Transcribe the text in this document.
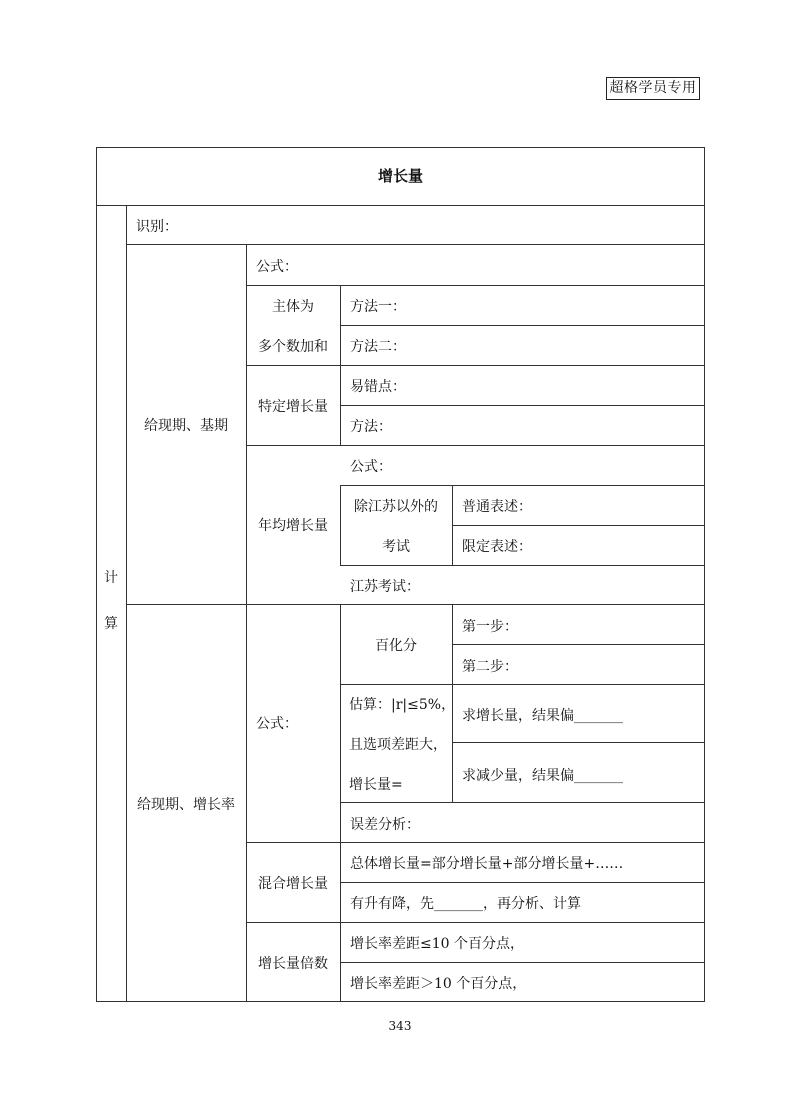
超格学员专用
增长量
计
算
识别：
给现期、基期
公式：
主体为
多个数加和
方法一：
方法二：
特定增长量
易错点：
方法：
年均增长量
公式：
除江苏以外的
考试
普通表述：
限定表述：
江苏考试：
给现期、增长率
公式：
百化分
第一步：
第二步：
估算：|r|≤5%，
且选项差距大，
增长量=
求增长量，结果偏_______
求减少量，结果偏_______
误差分析：
混合增长量
总体增长量=部分增长量+部分增长量+……
有升有降，先_______，再分析、计算
增长量倍数
增长率差距≤10 个百分点，
增长率差距＞10 个百分点，
343
